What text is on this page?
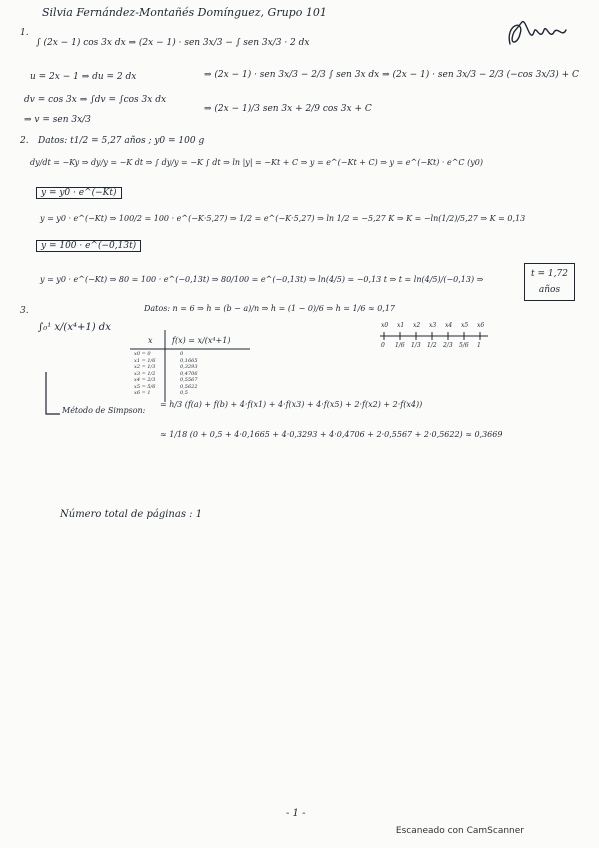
Silvia Fernández-Montañés Domínguez, Grupo 101
1.
∫ (2x − 1) cos 3x dx ⇒ (2x − 1) · sen 3x/3 − ∫ sen 3x/3 · 2 dx
u = 2x − 1 ⇒ du = 2 dx
dv = cos 3x ⇒ ∫dv = ∫cos 3x dx
⇒ v = sen 3x/3
⇒ (2x − 1) · sen 3x/3 − 2/3 ∫ sen 3x dx ⇒ (2x − 1) · sen 3x/3 − 2/3 (−cos 3x/3) + C
⇒ (2x − 1)/3 sen 3x + 2/9 cos 3x + C
2. Datos: t1/2 = 5,27 años ; y0 = 100 g
dy/dt = −Ky ⇒ dy/y = −K dt ⇒ ∫ dy/y = −K ∫ dt ⇒ ln |y| = −Kt + C ⇒ y = e^(−Kt + C) ⇒ y = e^(−Kt) · e^C (y0)
y = y0 · e^(−Kt)
y = y0 · e^(−Kt) ⇒ 100/2 = 100 · e^(−K·5,27) ⇒ 1/2 = e^(−K·5,27) ⇒ ln 1/2 = −5,27 K ⇒ K = −ln(1/2)/5,27 ⇒ K = 0,13
y = 100 · e^(−0,13t)
y = y0 · e^(−Kt) ⇒ 80 = 100 · e^(−0,13t) ⇒ 80/100 = e^(−0,13t) ⇒ ln(4/5) = −0,13 t ⇒ t = ln(4/5)/(−0,13) ⇒
t = 1,72
años
3.
∫₀¹ x/(x⁴+1) dx
Datos: n = 6 ⇒ h = (b − a)/n ⇒ h = (1 − 0)/6 ⇒ h = 1/6 ≈ 0,17
x0 x1 x2 x3 x4 x5 x6
0 1/6 1/3 1/2 2/3 5/6 1
x f(x) = x/(x⁴+1)
x0 = 0
x1 = 1/6
x2 = 1/3
x3 = 1/2
x4 = 2/3
x5 = 5/6
x6 = 1
0
0,1665
0,3293
0,4706
0,5567
0,5622
0,5
Método de Simpson:
= h/3 (f(a) + f(b) + 4·f(x1) + 4·f(x3) + 4·f(x5) + 2·f(x2) + 2·f(x4))
≈ 1/18 (0 + 0,5 + 4·0,1665 + 4·0,3293 + 4·0,4706 + 2·0,5567 + 2·0,5622) ≈ 0,3669
Número total de páginas : 1
- 1 -
Escaneado con CamScanner
